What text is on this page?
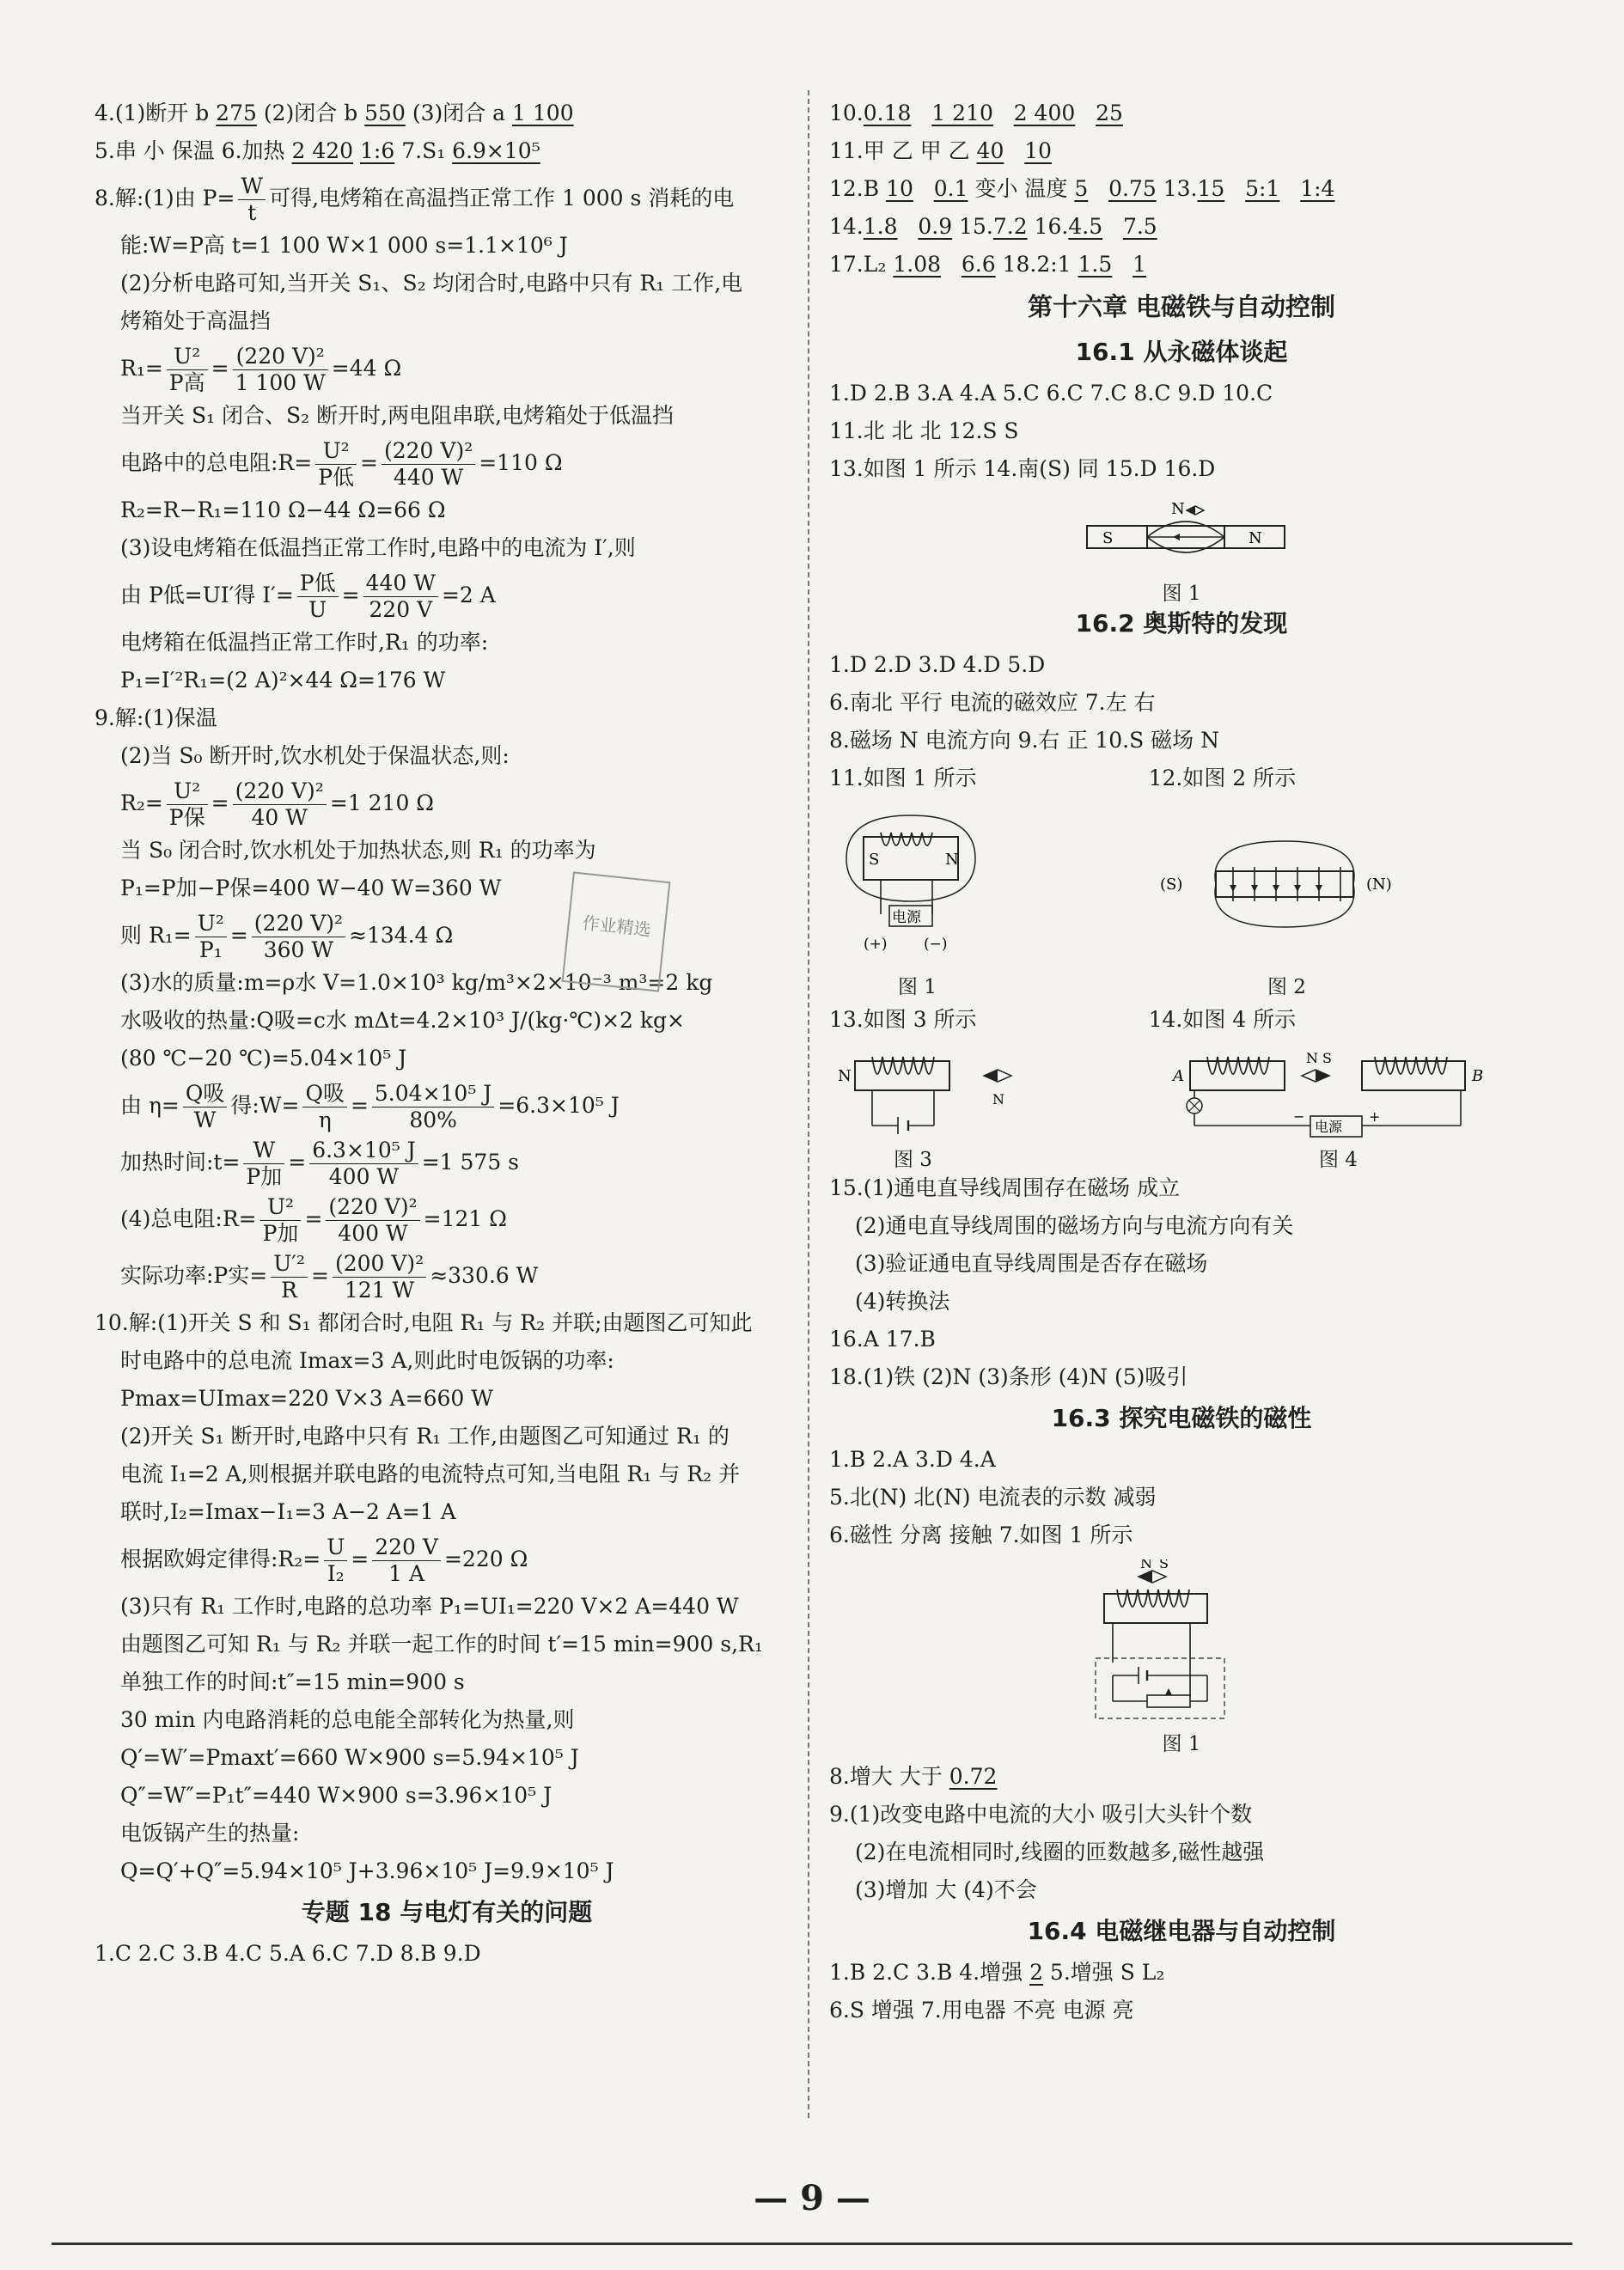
4.(1)断开 b 275 (2)闭合 b 550 (3)闭合 a 1 100
5.串 小 保温 6.加热 2 420 1:6 7.S₁ 6.9×10⁵
8.解:(1)由 $P= \frac{W}{t}$ 可得,电烤箱在高温挡正常工作 1 000 s 消耗的电
能:W=P高 t=1 100 W×1 000 s=1.1×10⁶ J
(2)分析电路可知,当开关 S₁、S₂ 均闭合时,电路中只有 R₁ 工作,电
烤箱处于高温挡
$R_1= \frac{\text{U²}}{\text{P高}} = \frac{\text{(220 V)²}}{1 100 W} =44$ Ω
当开关 S₁ 闭合、S₂ 断开时,两电阻串联,电烤箱处于低温挡
电路中的总电阻:R= $\frac{\text{U²}}{\text{P低}} = \frac{\text{(220 V)²}}{440 W} =110$ Ω
R₂=R−R₁=110 Ω−44 Ω=66 Ω
(3)设电烤箱在低温挡正常工作时,电路中的电流为 I′,则
由 P低=UI′得 $I'= \frac{\text{P低}}{U} = \frac{440 W}{220 V} =2$ A
电烤箱在低温挡正常工作时,R₁ 的功率:
P₁=I′²R₁=(2 A)²×44 Ω=176 W
9.解:(1)保温
(2)当 S₀ 断开时,饮水机处于保温状态,则:
$R_2= \frac{\text{U²}}{\text{P保}} = \frac{\text{(220 V)²}}{40 W} =1$ 210 Ω
当 S₀ 闭合时,饮水机处于加热状态,则 R₁ 的功率为
P₁=P加−P保=400 W−40 W=360 W
则 $R_1= \frac{\text{U²}}{\text{P₁}} = \frac{\text{(220 V)²}}{360 W} \approx 134.4$ Ω
(3)水的质量:m=ρ水 V=1.0×10³ kg/m³×2×10⁻³ m³=2 kg
水吸收的热量:Q吸=c水 mΔt=4.2×10³ J/(kg·℃)×2 kg×
(80 ℃−20 ℃)=5.04×10⁵ J
由 $\eta= \frac{\text{Q吸}}{W}$ 得:W= $\frac{\text{Q吸}}{\eta} = \frac{\text{5.04×10⁵ J}}{80\%} =6.3\times 10^5$ J
加热时间:t= $\frac{W}{\text{P加}} = \frac{\text{6.3×10⁵ J}}{400 W} =1$ 575 s
(4)总电阻:R= $\frac{\text{U²}}{\text{P加}} = \frac{\text{(220 V)²}}{400 W} =121$ Ω
实际功率:P实= $\frac{\text{U′²}}{R} = \frac{\text{(200 V)²}}{121 W} \approx 330.6$ W
10.解:(1)开关 S 和 S₁ 都闭合时,电阻 R₁ 与 R₂ 并联;由题图乙可知此
时电路中的总电流 Imax=3 A,则此时电饭锅的功率:
Pmax=UImax=220 V×3 A=660 W
(2)开关 S₁ 断开时,电路中只有 R₁ 工作,由题图乙可知通过 R₁ 的
电流 I₁=2 A,则根据并联电路的电流特点可知,当电阻 R₁ 与 R₂ 并
联时,I₂=Imax−I₁=3 A−2 A=1 A
根据欧姆定律得:R₂= $\frac{U}{\text{I₂}} = \frac{220 V}{1 A} =220$ Ω
(3)只有 R₁ 工作时,电路的总功率 P₁=UI₁=220 V×2 A=440 W
由题图乙可知 R₁ 与 R₂ 并联一起工作的时间 t′=15 min=900 s,R₁
单独工作的时间:t″=15 min=900 s
30 min 内电路消耗的总电能全部转化为热量,则
Q′=W′=Pmaxt′=660 W×900 s=5.94×10⁵ J
Q″=W″=P₁t″=440 W×900 s=3.96×10⁵ J
电饭锅产生的热量:
Q=Q′+Q″=5.94×10⁵ J+3.96×10⁵ J=9.9×10⁵ J
专题 18 与电灯有关的问题
1.C 2.C 3.B 4.C 5.A 6.C 7.D 8.B 9.D
10.0.18 1 210 2 400 25
11.甲 乙 甲 乙 40 10
12.B 10 0.1 变小 温度 5 0.75 13.15 5:1 1:4
14.1.8 0.9 15.7.2 16.4.5 7.5
17.L₂ 1.08 6.6 18.2:1 1.5 1
第十六章 电磁铁与自动控制
16.1 从永磁体谈起
1.D 2.B 3.A 4.A 5.C 6.C 7.C 8.C 9.D 10.C
11.北 北 北 12.S S
13.如图 1 所示 14.南(S) 同 15.D 16.D
S	N
N
图 1
16.2 奥斯特的发现
1.D 2.D 3.D 4.D 5.D
6.南北 平行 电流的磁效应 7.左 右
8.磁场 N 电流方向 9.右 正 10.S 磁场 N
11.如图 1 所示	12.如图 2 所示
S	N
电源
(+) (−)
(S)	(N)
图 1	图 2
13.如图 3 所示	14.如图 4 所示
N
N
A	B
N S
电源
−	+
图 3	图 4
15.(1)通电直导线周围存在磁场 成立
(2)通电直导线周围的磁场方向与电流方向有关
(3)验证通电直导线周围是否存在磁场
(4)转换法
16.A 17.B
18.(1)铁 (2)N (3)条形 (4)N (5)吸引
16.3 探究电磁铁的磁性
1.B 2.A 3.D 4.A
5.北(N) 北(N) 电流表的示数 减弱
6.磁性 分离 接触 7.如图 1 所示
N S
图 1
8.增大 大于 0.72
9.(1)改变电路中电流的大小 吸引大头针个数
(2)在电流相同时,线圈的匝数越多,磁性越强
(3)增加 大 (4)不会
16.4 电磁继电器与自动控制
1.B 2.C 3.B 4.增强 2 5.增强 S L₂
6.S 增强 7.用电器 不亮 电源 亮
作业精选
— 9 —
